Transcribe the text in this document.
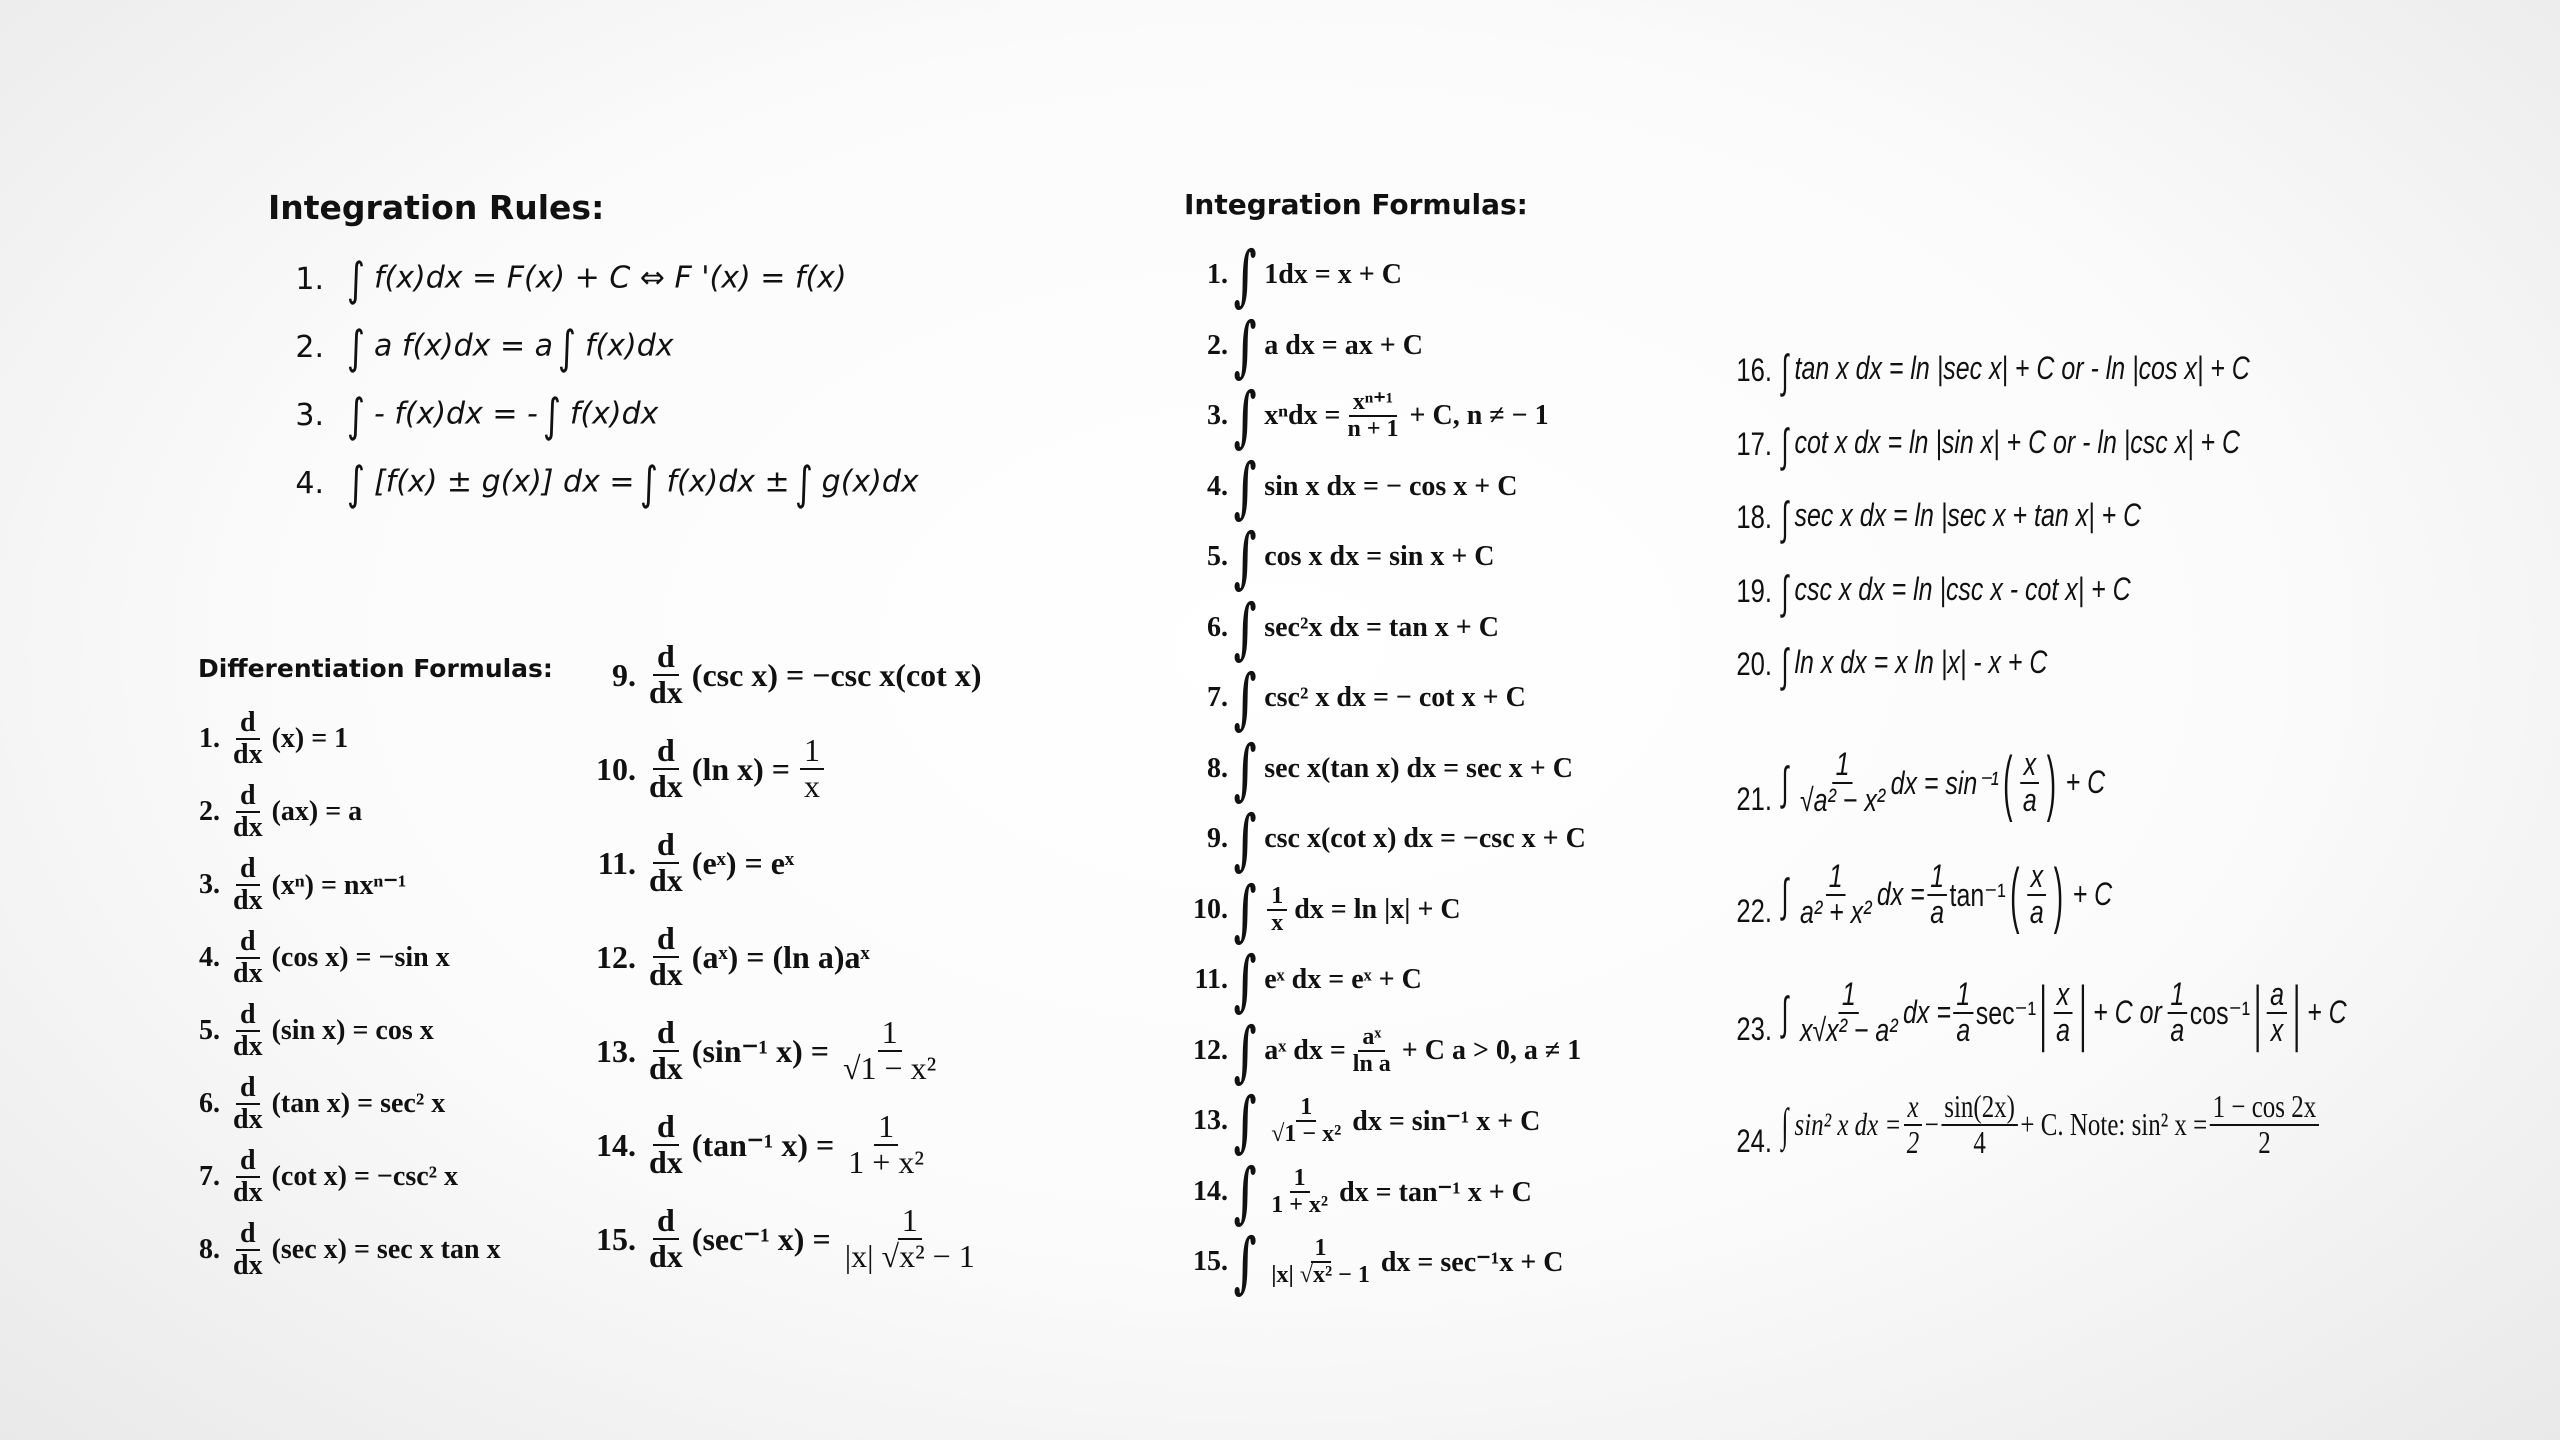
Integration Rules:
1. ∫ f(x)dx = F(x) + C ⇔ F '(x) = f(x)
2. ∫ a f(x)dx = a ∫ f(x)dx
3. ∫ - f(x)dx = - ∫ f(x)dx
4. ∫ [f(x) ± g(x)] dx = ∫ f(x)dx ± ∫ g(x)dx
Differentiation Formulas:
1. $\frac{d}{dx} (x) = 1$
2. $\frac{d}{dx} (ax) = a$
3. $\frac{d}{dx} (x^n) = nx^{n-1}$
4. $\frac{d}{dx} (\cos$ x) = −sin x
5. $\frac{d}{dx} (\sin$ x) = cos x
6. $\frac{d}{dx} (\tan$ x) = sec² x
7. $\frac{d}{dx} (\cot$ x) = −csc² x
8. $\frac{d}{dx} (\sec$ x) = sec x tan x
9. $\frac{d}{dx} (\csc$ x) = −csc x(cot x)
10. $\frac{d}{dx} (\ln$ $x) = \frac{1}{x}$
11. $\frac{d}{dx}$ (eˣ) = eˣ
12. $\frac{d}{dx}$ (aˣ) = (ln a)aˣ
13. $\frac{d}{dx} (\sin^{-1}$ $x) = \frac{1}{\text{√1 − x²}}$
14. $\frac{d}{dx} (\tan^{-1}$ $x) = \frac{1}{\text{1 + x²}}$
15. $\frac{d}{dx} (\sec^{-1}$ $x) = \frac{1}{\text{|x| √x² − 1}}$
Integration Formulas:
1. ∫ 1dx = x + C
2. ∫ a dx = ax + C
3. ∫ $x^ndx = \frac{\text{xⁿ⁺¹}}{n + 1} + C$, n ≠ − 1
4. ∫ sin x dx = − cos x + C
5. ∫ cos x dx = sin x + C
6. ∫ sec²x dx = tan x + C
7. ∫ csc² x dx = − cot x + C
8. ∫ sec x(tan x) dx = sec x + C
9. ∫ csc x(cot x) dx = −csc x + C
10. ∫ $\frac{1}{x}$ dx = ln |x| + C
11. ∫ eˣ dx = eˣ + C
12. ∫ aˣ dx = $\frac{\text{aˣ}}{\text{ln a}} + C$ a > 0, a ≠ 1
13. ∫ $\frac{1}{\text{√1 − x²}}$ dx = sin⁻¹ x + C
14. ∫ $\frac{1}{\text{1 + x²}}$ dx = tan⁻¹ x + C
15. ∫ $\frac{1}{\text{|x| √x² − 1}}$ dx = sec⁻¹x + C
16. ∫ tan x dx = ln |sec x| + C or - ln |cos x| + C
17. ∫ cot x dx = ln |sin x| + C or - ln |csc x| + C
18. ∫ sec x dx = ln |sec x + tan x| + C
19. ∫ csc x dx = ln |csc x - cot x| + C
20. ∫ ln x dx = x ln |x| - x + C
21. ∫ $\frac{1}{\text{√a² − x²}}$ dx = sin⁻¹ ( $\frac{x}{a}$ ) + C
22. ∫ $\frac{1}{\text{a² + x²}}$ dx = $\frac{1}{a} \tan^{-1}$ ( $\frac{x}{a}$ ) + C
23. ∫ $\frac{1}{\text{x√x² − a²}}$ dx = $\frac{1}{a} \sec^{-1}$ | $\frac{x}{a}$ | + C or $\frac{1}{a} \cos^{-1}$ | $\frac{a}{x}$ | + C
24. ∫ sin² x dx = $\frac{x}{2} - \frac{\sin(2x)}{4} + C$. Note: sin² $x = \frac{1 - \cos 2x}{2}$
